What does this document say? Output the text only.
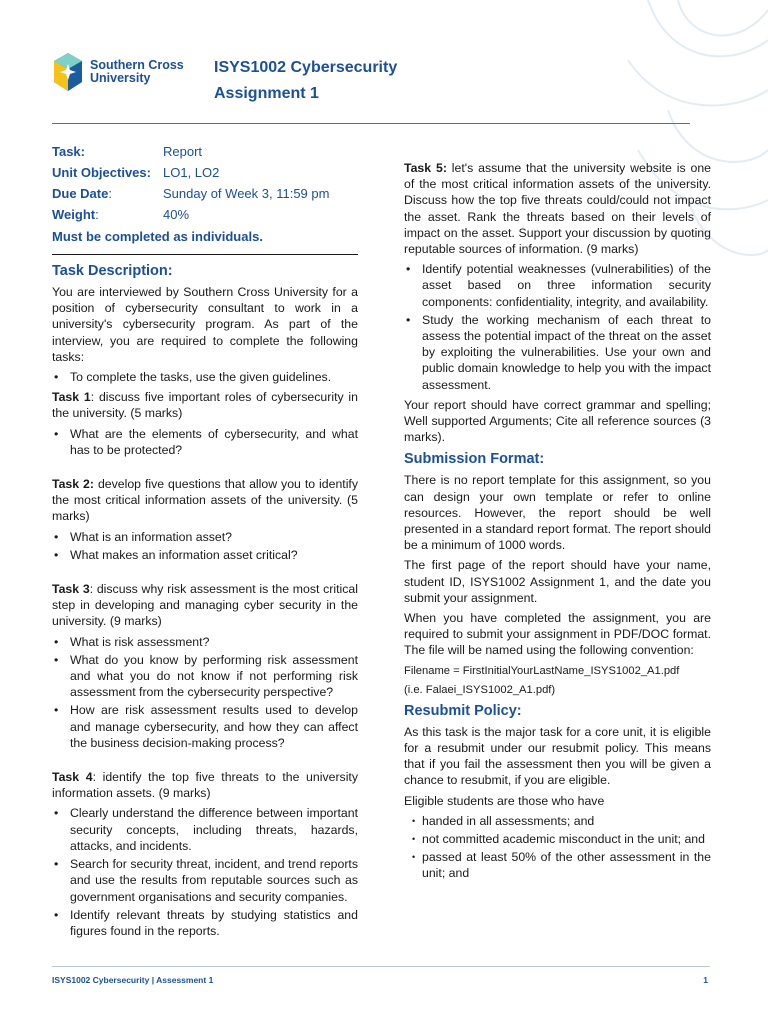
Southern Cross
University
ISYS1002 Cybersecurity
Assignment 1
Task:	Report
Unit Objectives: LO1, LO2
Due Date:	Sunday of Week 3, 11:59 pm
Weight:	40%
Must be completed as individuals.
Task Description:

You are interviewed by Southern Cross University for a position of cybersecurity consultant to work in a university's cybersecurity program. As part of the interview, you are required to complete the following tasks:

• To complete the tasks, use the given guidelines.

Task 1: discuss five important roles of cybersecurity in the university. (5 marks)

• What are the elements of cybersecurity, and what has to be protected?

Task 2: develop five questions that allow you to identify the most critical information assets of the university. (5 marks)

• What is an information asset?
• What makes an information asset critical?

Task 3: discuss why risk assessment is the most critical step in developing and managing cyber security in the university. (9 marks)

• What is risk assessment?
• What do you know by performing risk assessment and what you do not know if not performing risk assessment from the cybersecurity perspective?
• How are risk assessment results used to develop and manage cybersecurity, and how they can affect the business decision-making process?

Task 4: identify the top five threats to the university information assets. (9 marks)

• Clearly understand the difference between important security concepts, including threats, hazards, attacks, and incidents.
• Search for security threat, incident, and trend reports and use the results from reputable sources such as government organisations and security companies.
• Identify relevant threats by studying statistics and figures found in the reports.

Task 5: let's assume that the university website is one of the most critical information assets of the university. Discuss how the top five threats could/could not impact the asset. Rank the threats based on their levels of impact on the asset. Support your discussion by quoting reputable sources of information. (9 marks)

• Identify potential weaknesses (vulnerabilities) of the asset based on three information security components: confidentiality, integrity, and availability.
• Study the working mechanism of each threat to assess the potential impact of the threat on the asset by exploiting the vulnerabilities. Use your own and public domain knowledge to help you with the impact assessment.

Your report should have correct grammar and spelling; Well supported Arguments; Cite all reference sources (3 marks).

Submission Format:

There is no report template for this assignment, so you can design your own template or refer to online resources. However, the report should be well presented in a standard report format. The report should be a minimum of 1000 words.

The first page of the report should have your name, student ID, ISYS1002 Assignment 1, and the date you submit your assignment.

When you have completed the assignment, you are required to submit your assignment in PDF/DOC format. The file will be named using the following convention:

Filename = FirstInitialYourLastName_ISYS1002_A1.pdf
(i.e. Falaei_ISYS1002_A1.pdf)
Resubmit Policy:

As this task is the major task for a core unit, it is eligible for a resubmit under our resubmit policy. This means that if you fail the assessment then you will be given a chance to resubmit, if you are eligible.

Eligible students are those who have

• handed in all assessments; and
• not committed academic misconduct in the unit; and
• passed at least 50% of the other assessment in the unit; and
ISYS1002 Cybersecurity | Assessment 1	1
